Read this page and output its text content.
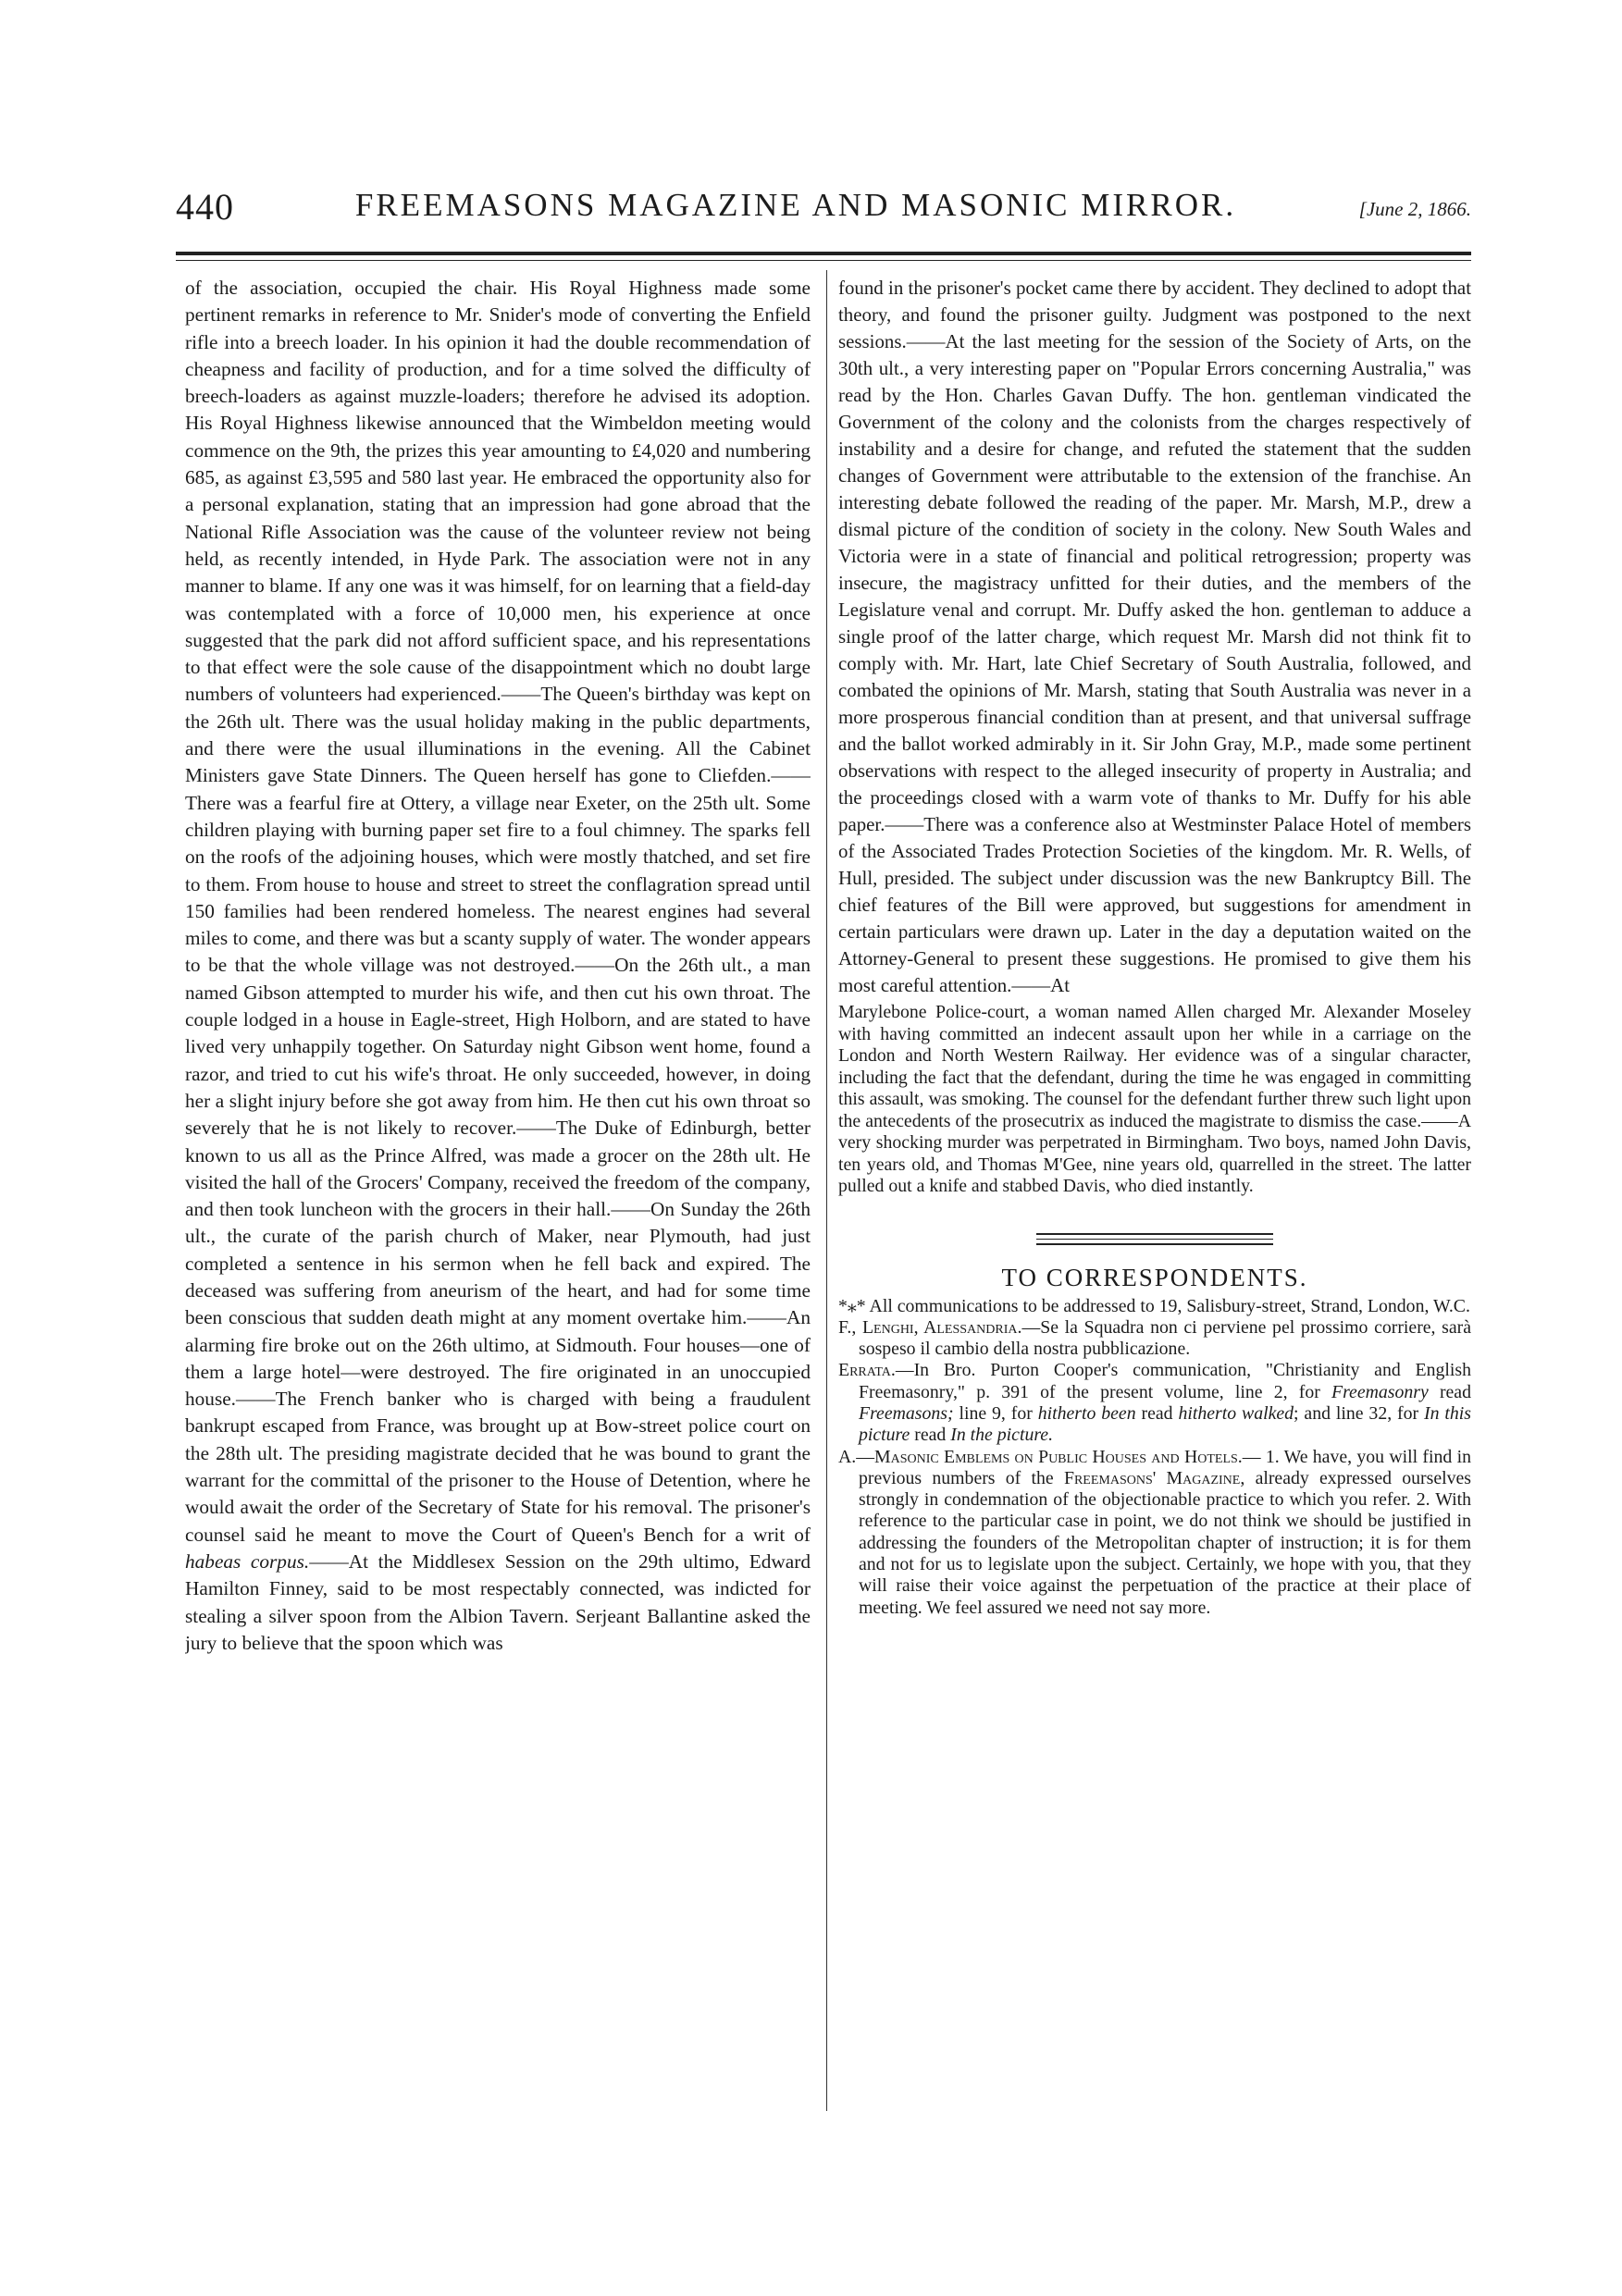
440	FREEMASONS MAGAZINE AND MASONIC MIRROR.	[June 2, 1866.

of the association, occupied the chair. His Royal Highness made some pertinent remarks in reference to Mr. Snider's mode of converting the Enfield rifle into a breech loader. In his opinion it had the double recommendation of cheapness and facility of production, and for a time solved the difficulty of breech-loaders as against muzzle-loaders; therefore he advised its adoption. His Royal Highness likewise announced that the Wimbeldon meeting would commence on the 9th, the prizes this year amounting to £4,020 and numbering 685, as against £3,595 and 580 last year. He embraced the opportunity also for a personal explanation, stating that an impression had gone abroad that the National Rifle Association was the cause of the volunteer review not being held, as recently intended, in Hyde Park. The association were not in any manner to blame. If any one was it was himself, for on learning that a field-day was contemplated with a force of 10,000 men, his experience at once suggested that the park did not afford sufficient space, and his representations to that effect were the sole cause of the disappointment which no doubt large numbers of volunteers had experienced.——The Queen's birthday was kept on the 26th ult. There was the usual holiday making in the public departments, and there were the usual illuminations in the evening. All the Cabinet Ministers gave State Dinners. The Queen herself has gone to Cliefden.——There was a fearful fire at Ottery, a village near Exeter, on the 25th ult. Some children playing with burning paper set fire to a foul chimney. The sparks fell on the roofs of the adjoining houses, which were mostly thatched, and set fire to them. From house to house and street to street the conflagration spread until 150 families had been rendered homeless. The nearest engines had several miles to come, and there was but a scanty supply of water. The wonder appears to be that the whole village was not destroyed.——On the 26th ult., a man named Gibson attempted to murder his wife, and then cut his own throat. The couple lodged in a house in Eagle-street, High Holborn, and are stated to have lived very unhappily together. On Saturday night Gibson went home, found a razor, and tried to cut his wife's throat. He only succeeded, however, in doing her a slight injury before she got away from him. He then cut his own throat so severely that he is not likely to recover.——The Duke of Edinburgh, better known to us all as the Prince Alfred, was made a grocer on the 28th ult. He visited the hall of the Grocers' Company, received the freedom of the company, and then took luncheon with the grocers in their hall.——On Sunday the 26th ult., the curate of the parish church of Maker, near Plymouth, had just completed a sentence in his sermon when he fell back and expired. The deceased was suffering from aneurism of the heart, and had for some time been conscious that sudden death might at any moment overtake him.——An alarming fire broke out on the 26th ultimo, at Sidmouth. Four houses—one of them a large hotel—were destroyed. The fire originated in an unoccupied house.——The French banker who is charged with being a fraudulent bankrupt escaped from France, was brought up at Bow-street police court on the 28th ult. The presiding magistrate decided that he was bound to grant the warrant for the committal of the prisoner to the House of Detention, where he would await the order of the Secretary of State for his removal. The prisoner's counsel said he meant to move the Court of Queen's Bench for a writ of habeas corpus.——At the Middlesex Session on the 29th ultimo, Edward Hamilton Finney, said to be most respectably connected, was indicted for stealing a silver spoon from the Albion Tavern. Serjeant Ballantine asked the jury to believe that the spoon which was

found in the prisoner's pocket came there by accident. They declined to adopt that theory, and found the prisoner guilty. Judgment was postponed to the next sessions.——At the last meeting for the session of the Society of Arts, on the 30th ult., a very interesting paper on "Popular Errors concerning Australia," was read by the Hon. Charles Gavan Duffy. The hon. gentleman vindicated the Government of the colony and the colonists from the charges respectively of instability and a desire for change, and refuted the statement that the sudden changes of Government were attributable to the extension of the franchise. An interesting debate followed the reading of the paper. Mr. Marsh, M.P., drew a dismal picture of the condition of society in the colony. New South Wales and Victoria were in a state of financial and political retrogression; property was insecure, the magistracy unfitted for their duties, and the members of the Legislature venal and corrupt. Mr. Duffy asked the hon. gentleman to adduce a single proof of the latter charge, which request Mr. Marsh did not think fit to comply with. Mr. Hart, late Chief Secretary of South Australia, followed, and combated the opinions of Mr. Marsh, stating that South Australia was never in a more prosperous financial condition than at present, and that universal suffrage and the ballot worked admirably in it. Sir John Gray, M.P., made some pertinent observations with respect to the alleged insecurity of property in Australia; and the proceedings closed with a warm vote of thanks to Mr. Duffy for his able paper.——There was a conference also at Westminster Palace Hotel of members of the Associated Trades Protection Societies of the kingdom. Mr. R. Wells, of Hull, presided. The subject under discussion was the new Bankruptcy Bill. The chief features of the Bill were approved, but suggestions for amendment in certain particulars were drawn up. Later in the day a deputation waited on the Attorney-General to present these suggestions. He promised to give them his most careful attention.——At

Marylebone Police-court, a woman named Allen charged Mr. Alexander Moseley with having committed an indecent assault upon her while in a carriage on the London and North Western Railway. Her evidence was of a singular character, including the fact that the defendant, during the time he was engaged in committing this assault, was smoking. The counsel for the defendant further threw such light upon the antecedents of the prosecutrix as induced the magistrate to dismiss the case.——A very shocking murder was perpetrated in Birmingham. Two boys, named John Davis, ten years old, and Thomas M'Gee, nine years old, quarrelled in the street. The latter pulled out a knife and stabbed Davis, who died instantly.

TO CORRESPONDENTS.

*⁎* All communications to be addressed to 19, Salisbury-street, Strand, London, W.C.

F., Lenghi, Alessandria.—Se la Squadra non ci perviene pel prossimo corriere, sarà sospeso il cambio della nostra pubblicazione.

Errata.—In Bro. Purton Cooper's communication, "Christianity and English Freemasonry," p. 391 of the present volume, line 2, for Freemasonry read Freemasons; line 9, for hitherto been read hitherto walked; and line 32, for In this picture read In the picture.

A.—Masonic Emblems on Public Houses and Hotels.— 1. We have, you will find in previous numbers of the Freemasons' Magazine, already expressed ourselves strongly in condemnation of the objectionable practice to which you refer. 2. With reference to the particular case in point, we do not think we should be justified in addressing the founders of the Metropolitan chapter of instruction; it is for them and not for us to legislate upon the subject. Certainly, we hope with you, that they will raise their voice against the perpetuation of the practice at their place of meeting. We feel assured we need not say more.
